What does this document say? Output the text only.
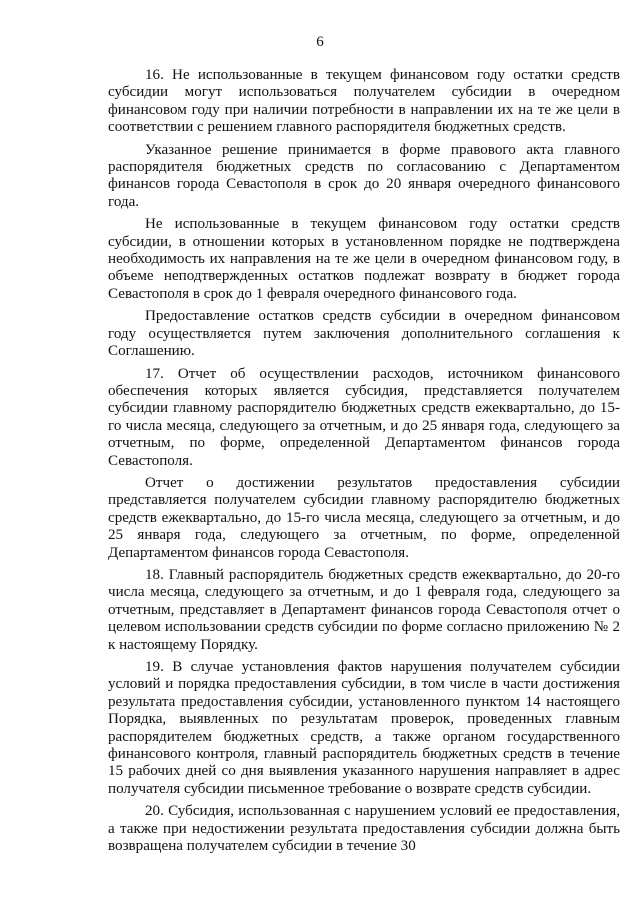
6

16. Не использованные в текущем финансовом году остатки средств субсидии могут использоваться получателем субсидии в очередном финансовом году при наличии потребности в направлении их на те же цели в соответствии с решением главного распорядителя бюджетных средств.

Указанное решение принимается в форме правового акта главного распорядителя бюджетных средств по согласованию с Департаментом финансов города Севастополя в срок до 20 января очередного финансового года.

Не использованные в текущем финансовом году остатки средств субсидии, в отношении которых в установленном порядке не подтверждена необходимость их направления на те же цели в очередном финансовом году, в объеме неподтвержденных остатков подлежат возврату в бюджет города Севастополя в срок до 1 февраля очередного финансового года.

Предоставление остатков средств субсидии в очередном финансовом году осуществляется путем заключения дополнительного соглашения к Соглашению.

17. Отчет об осуществлении расходов, источником финансового обеспечения которых является субсидия, представляется получателем субсидии главному распорядителю бюджетных средств ежеквартально, до 15-го числа месяца, следующего за отчетным, и до 25 января года, следующего за отчетным, по форме, определенной Департаментом финансов города Севастополя.

Отчет о достижении результатов предоставления субсидии представляется получателем субсидии главному распорядителю бюджетных средств ежеквартально, до 15-го числа месяца, следующего за отчетным, и до 25 января года, следующего за отчетным, по форме, определенной Департаментом финансов города Севастополя.

18. Главный распорядитель бюджетных средств ежеквартально, до 20-го числа месяца, следующего за отчетным, и до 1 февраля года, следующего за отчетным, представляет в Департамент финансов города Севастополя отчет о целевом использовании средств субсидии по форме согласно приложению № 2 к настоящему Порядку.

19. В случае установления фактов нарушения получателем субсидии условий и порядка предоставления субсидии, в том числе в части достижения результата предоставления субсидии, установленного пунктом 14 настоящего Порядка, выявленных по результатам проверок, проведенных главным распорядителем бюджетных средств, а также органом государственного финансового контроля, главный распорядитель бюджетных средств в течение 15 рабочих дней со дня выявления указанного нарушения направляет в адрес получателя субсидии письменное требование о возврате средств субсидии.

20. Субсидия, использованная с нарушением условий ее предоставления, а также при недостижении результата предоставления субсидии должна быть возвращена получателем субсидии в течение 30
